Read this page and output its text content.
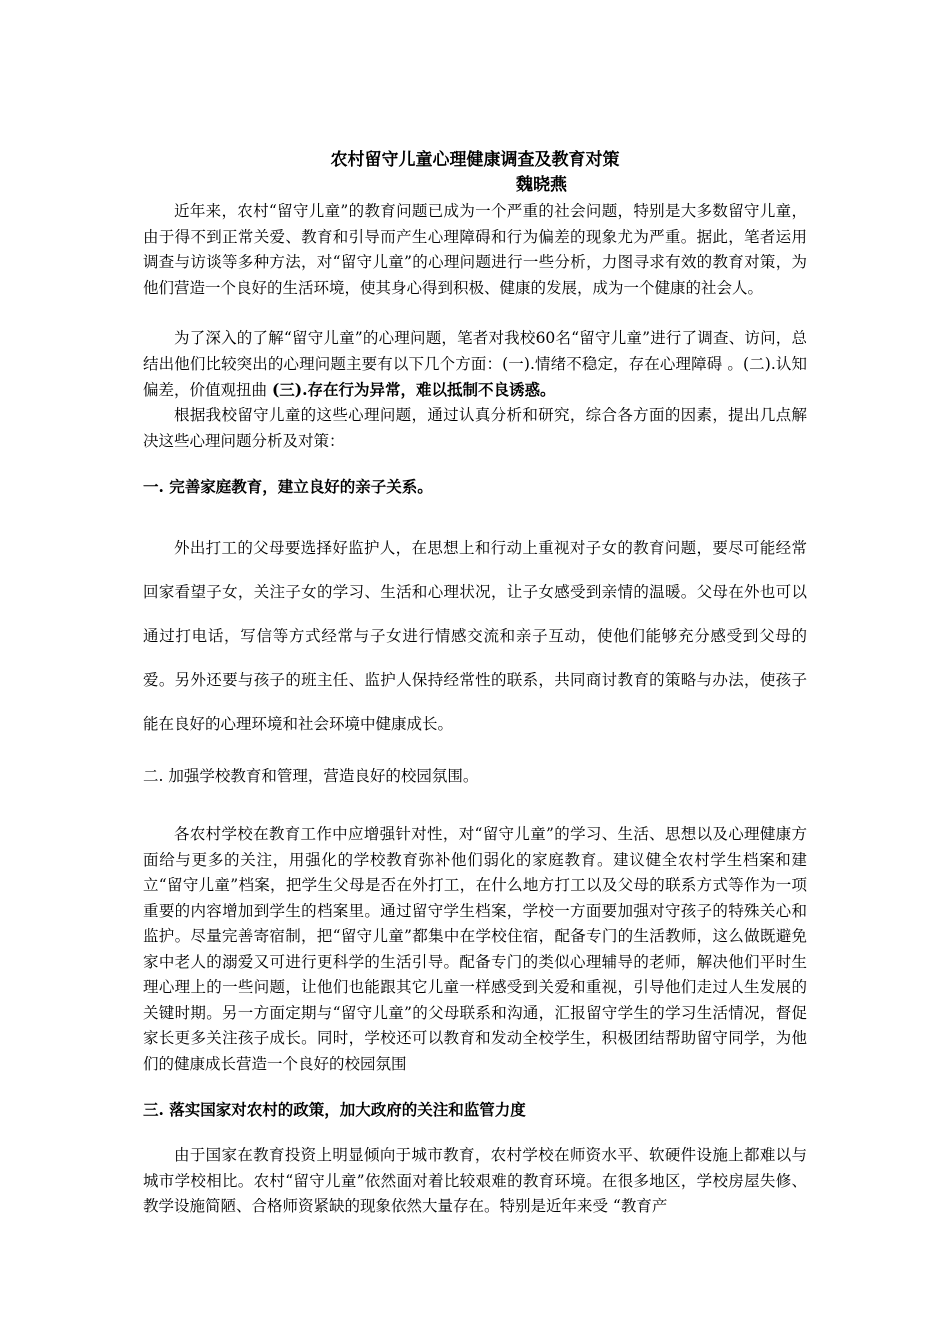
农村留守儿童心理健康调查及教育对策
魏晓燕
近年来，农村“留守儿童”的教育问题已成为一个严重的社会问题，特别是大多数留守儿童，由于得不到正常关爱、教育和引导而产生心理障碍和行为偏差的现象尤为严重。据此，笔者运用调查与访谈等多种方法，对“留守儿童”的心理问题进行一些分析，力图寻求有效的教育对策，为他们营造一个良好的生活环境，使其身心得到积极、健康的发展，成为一个健康的社会人。
为了深入的了解“留守儿童”的心理问题，笔者对我校60名“留守儿童”进行了调查、访问，总结出他们比较突出的心理问题主要有以下几个方面：(一).情绪不稳定，存在心理障碍 。(二).认知偏差，价值观扭曲 (三).存在行为异常，难以抵制不良诱惑。
根据我校留守儿童的这些心理问题，通过认真分析和研究，综合各方面的因素，提出几点解决这些心理问题分析及对策：
一. 完善家庭教育，建立良好的亲子关系。
外出打工的父母要选择好监护人，在思想上和行动上重视对子女的教育问题，要尽可能经常回家看望子女，关注子女的学习、生活和心理状况，让子女感受到亲情的温暖。父母在外也可以通过打电话，写信等方式经常与子女进行情感交流和亲子互动，使他们能够充分感受到父母的爱。另外还要与孩子的班主任、监护人保持经常性的联系，共同商讨教育的策略与办法，使孩子能在良好的心理环境和社会环境中健康成长。
二. 加强学校教育和管理，营造良好的校园氛围。
各农村学校在教育工作中应增强针对性，对“留守儿童”的学习、生活、思想以及心理健康方面给与更多的关注，用强化的学校教育弥补他们弱化的家庭教育。建议健全农村学生档案和建立“留守儿童”档案，把学生父母是否在外打工，在什么地方打工以及父母的联系方式等作为一项重要的内容增加到学生的档案里。通过留守学生档案，学校一方面要加强对守孩子的特殊关心和监护。尽量完善寄宿制，把“留守儿童”都集中在学校住宿，配备专门的生活教师，这么做既避免家中老人的溺爱又可进行更科学的生活引导。配备专门的类似心理辅导的老师，解决他们平时生理心理上的一些问题，让他们也能跟其它儿童一样感受到关爱和重视，引导他们走过人生发展的关键时期。另一方面定期与“留守儿童”的父母联系和沟通，汇报留守学生的学习生活情况，督促家长更多关注孩子成长。同时，学校还可以教育和发动全校学生，积极团结帮助留守同学，为他们的健康成长营造一个良好的校园氛围
三. 落实国家对农村的政策，加大政府的关注和监管力度
由于国家在教育投资上明显倾向于城市教育，农村学校在师资水平、软硬件设施上都难以与城市学校相比。农村“留守儿童”依然面对着比较艰难的教育环境。在很多地区，学校房屋失修、教学设施简陋、合格师资紧缺的现象依然大量存在。特别是近年来受 “教育产
